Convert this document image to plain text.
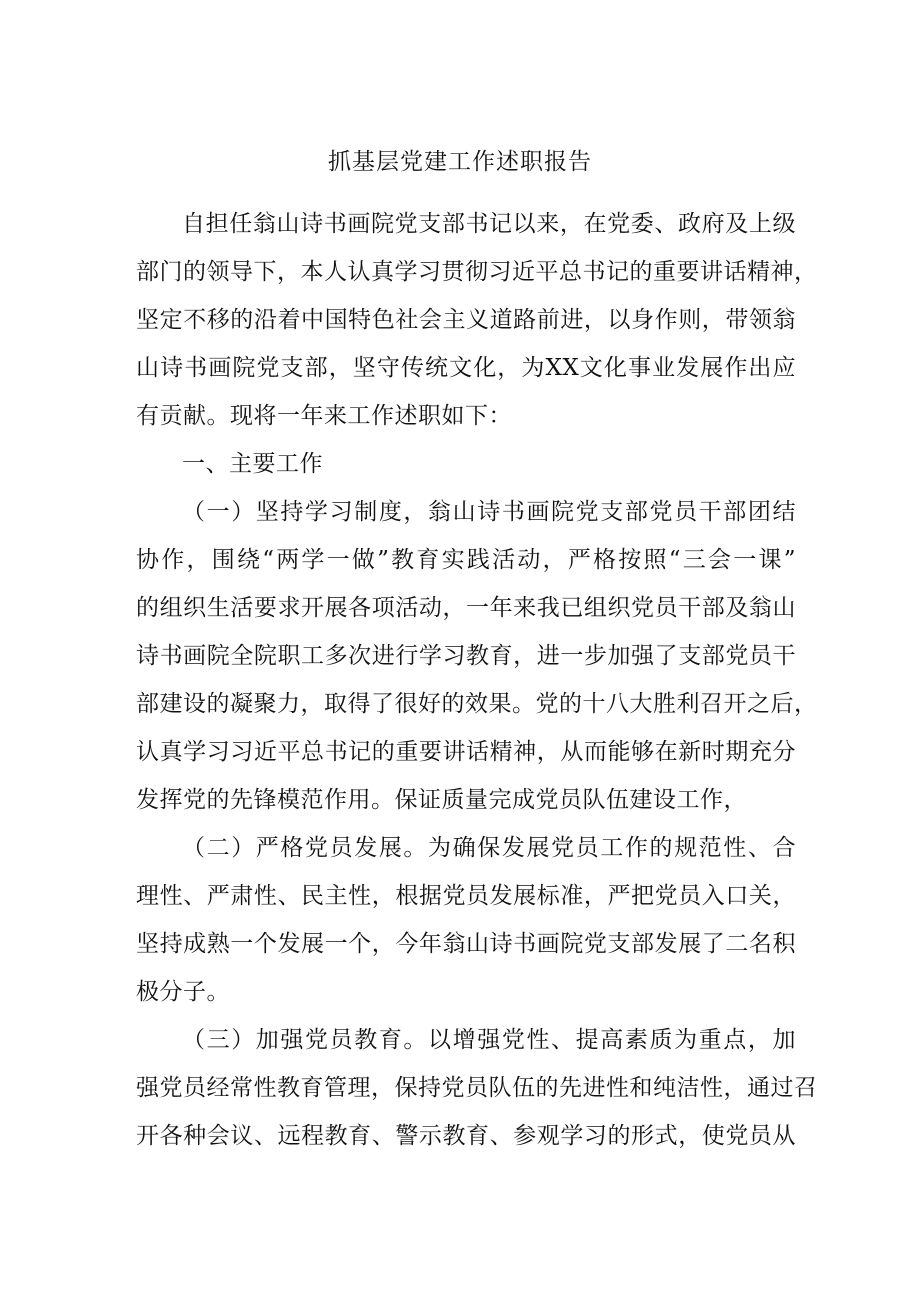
抓基层党建工作述职报告
自担任翁山诗书画院党支部书记以来，在党委、政府及上级
部门的领导下，本人认真学习贯彻习近平总书记的重要讲话精神，
坚定不移的沿着中国特色社会主义道路前进，以身作则，带领翁
山诗书画院党支部，坚守传统文化，为XX文化事业发展作出应
有贡献。现将一年来工作述职如下：
一、主要工作
（一）坚持学习制度，翁山诗书画院党支部党员干部团结
协作，围绕“两学一做”教育实践活动，严格按照“三会一课”
的组织生活要求开展各项活动，一年来我已组织党员干部及翁山
诗书画院全院职工多次进行学习教育，进一步加强了支部党员干
部建设的凝聚力，取得了很好的效果。党的十八大胜利召开之后，
认真学习习近平总书记的重要讲话精神，从而能够在新时期充分
发挥党的先锋模范作用。保证质量完成党员队伍建设工作，
（二）严格党员发展。为确保发展党员工作的规范性、合
理性、严肃性、民主性，根据党员发展标准，严把党员入口关，
坚持成熟一个发展一个，今年翁山诗书画院党支部发展了二名积
极分子。
（三）加强党员教育。以增强党性、提高素质为重点，加
强党员经常性教育管理，保持党员队伍的先进性和纯洁性，通过召
开各种会议、远程教育、警示教育、参观学习的形式，使党员从
